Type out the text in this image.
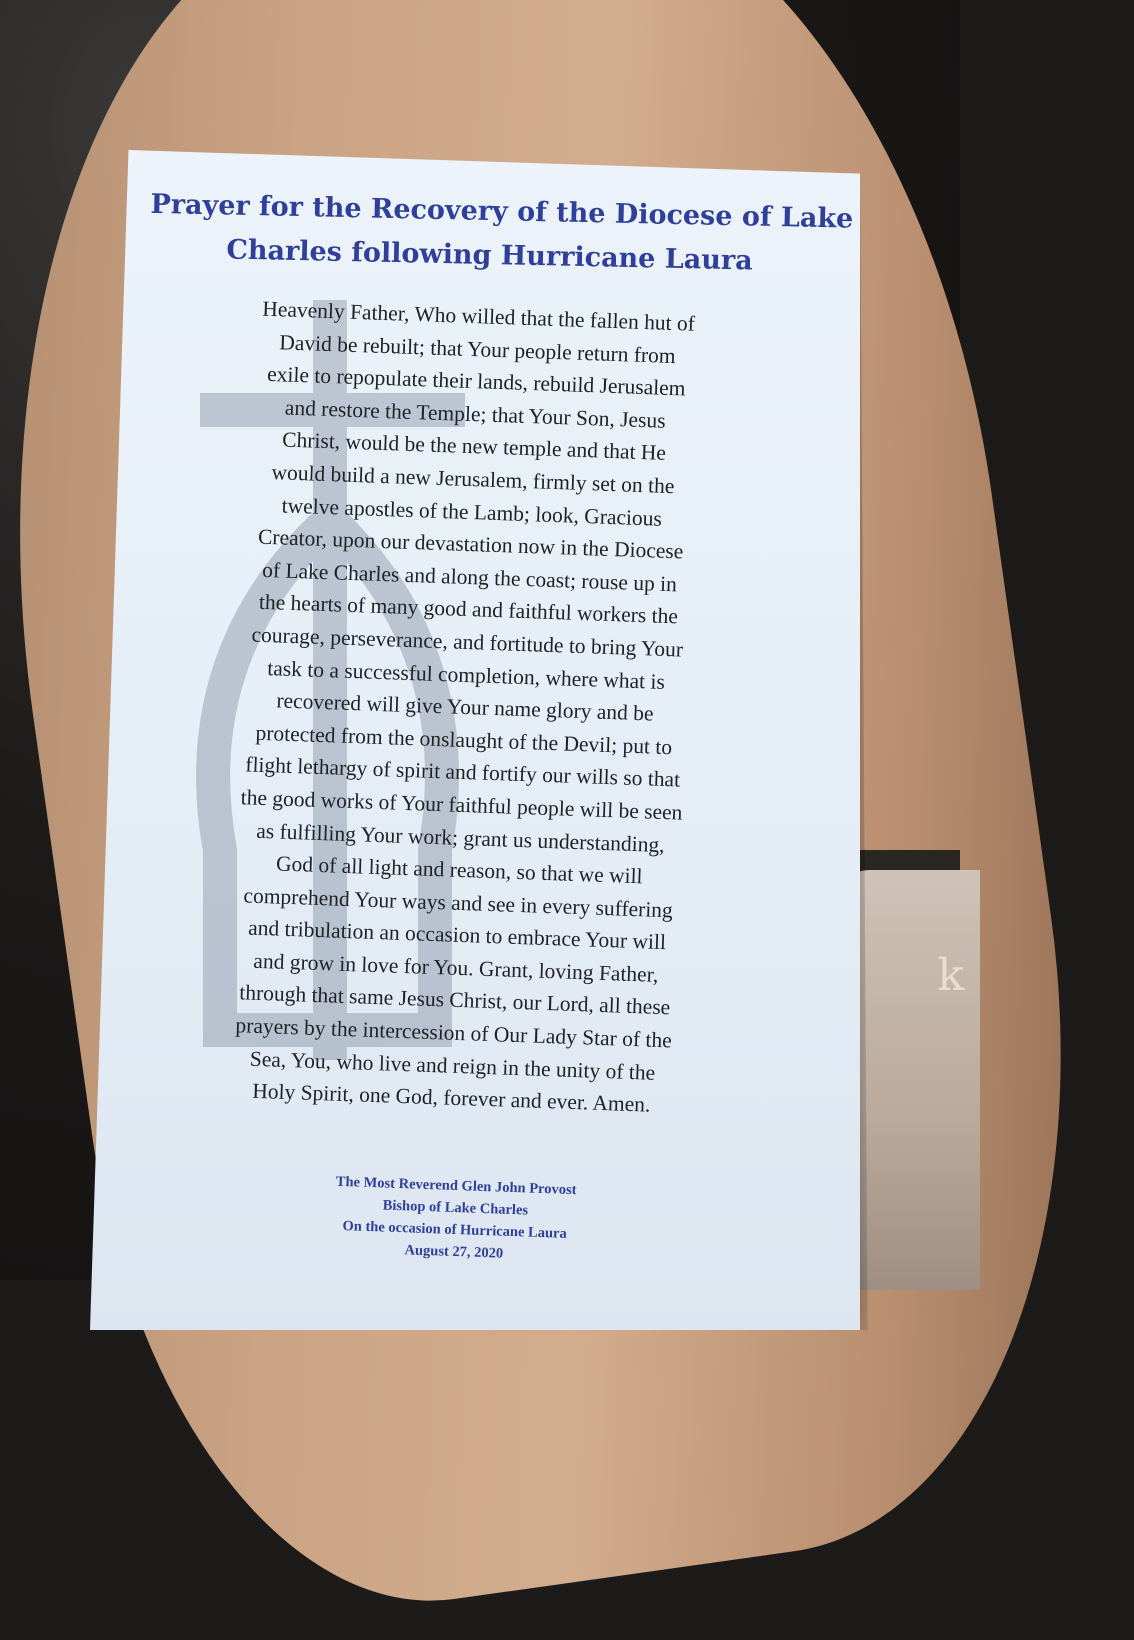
k
Prayer for the Recovery of the Diocese of Lake
Charles following Hurricane Laura
Heavenly Father, Who willed that the fallen hut of
David be rebuilt; that Your people return from
exile to repopulate their lands, rebuild Jerusalem
and restore the Temple; that Your Son, Jesus
Christ, would be the new temple and that He
would build a new Jerusalem, firmly set on the
twelve apostles of the Lamb; look, Gracious
Creator, upon our devastation now in the Diocese
of Lake Charles and along the coast; rouse up in
the hearts of many good and faithful workers the
courage, perseverance, and fortitude to bring Your
task to a successful completion, where what is
recovered will give Your name glory and be
protected from the onslaught of the Devil; put to
flight lethargy of spirit and fortify our wills so that
the good works of Your faithful people will be seen
as fulfilling Your work; grant us understanding,
God of all light and reason, so that we will
comprehend Your ways and see in every suffering
and tribulation an occasion to embrace Your will
and grow in love for You. Grant, loving Father,
through that same Jesus Christ, our Lord, all these
prayers by the intercession of Our Lady Star of the
Sea, You, who live and reign in the unity of the
Holy Spirit, one God, forever and ever. Amen.
The Most Reverend Glen John Provost
Bishop of Lake Charles
On the occasion of Hurricane Laura
August 27, 2020
